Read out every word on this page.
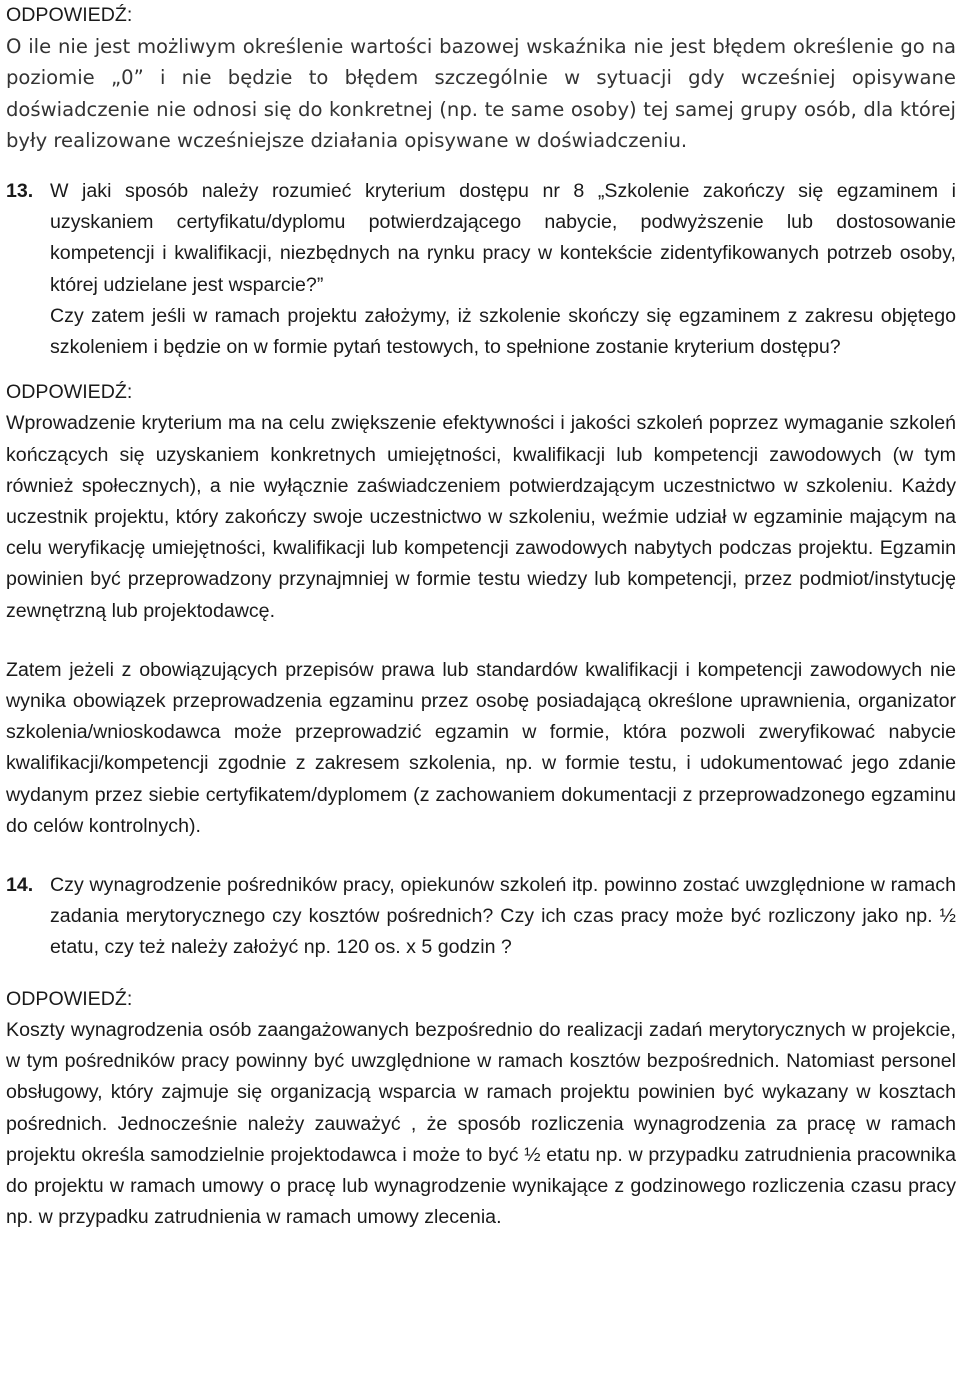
ODPOWIEDŹ:

O ile nie jest możliwym określenie wartości bazowej wskaźnika nie jest błędem określenie go na poziomie „0” i nie będzie to błędem szczególnie w sytuacji gdy wcześniej opisywane doświadczenie nie odnosi się do konkretnej (np. te same osoby) tej samej grupy osób, dla której były realizowane wcześniejsze działania opisywane w doświadczeniu.

13. W jaki sposób należy rozumieć kryterium dostępu nr 8 „Szkolenie zakończy się egzaminem i uzyskaniem certyfikatu/dyplomu potwierdzającego nabycie, podwyższenie lub dostosowanie kompetencji i kwalifikacji, niezbędnych na rynku pracy w kontekście zidentyfikowanych potrzeb osoby, której udzielane jest wsparcie?”

Czy zatem jeśli w ramach projektu założymy, iż szkolenie skończy się egzaminem z zakresu objętego szkoleniem i będzie on w formie pytań testowych, to spełnione zostanie kryterium dostępu?

ODPOWIEDŹ:

Wprowadzenie kryterium ma na celu zwiększenie efektywności i jakości szkoleń poprzez wymaganie szkoleń kończących się uzyskaniem konkretnych umiejętności, kwalifikacji lub kompetencji zawodowych (w tym również społecznych), a nie wyłącznie zaświadczeniem potwierdzającym uczestnictwo w szkoleniu. Każdy uczestnik projektu, który zakończy swoje uczestnictwo w szkoleniu, weźmie udział w egzaminie mającym na celu weryfikację umiejętności, kwalifikacji lub kompetencji zawodowych nabytych podczas projektu. Egzamin powinien być przeprowadzony przynajmniej w formie testu wiedzy lub kompetencji, przez podmiot/instytucję zewnętrzną lub projektodawcę.

Zatem jeżeli z obowiązujących przepisów prawa lub standardów kwalifikacji i kompetencji zawodowych nie wynika obowiązek przeprowadzenia egzaminu przez osobę posiadającą określone uprawnienia, organizator szkolenia/wnioskodawca może przeprowadzić egzamin w formie, która pozwoli zweryfikować nabycie kwalifikacji/kompetencji zgodnie z zakresem szkolenia, np. w formie testu, i udokumentować jego zdanie wydanym przez siebie certyfikatem/dyplomem (z zachowaniem dokumentacji z przeprowadzonego egzaminu do celów kontrolnych).

14. Czy wynagrodzenie pośredników pracy, opiekunów szkoleń itp. powinno zostać uwzględnione w ramach zadania merytorycznego czy kosztów pośrednich? Czy ich czas pracy może być rozliczony jako np. ½ etatu, czy też należy założyć np. 120 os. x 5 godzin ?

ODPOWIEDŹ:

Koszty wynagrodzenia osób zaangażowanych bezpośrednio do realizacji zadań merytorycznych w projekcie, w tym pośredników pracy powinny być uwzględnione w ramach kosztów bezpośrednich. Natomiast personel obsługowy, który zajmuje się organizacją wsparcia w ramach projektu powinien być wykazany w kosztach pośrednich. Jednocześnie należy zauważyć , że sposób rozliczenia wynagrodzenia za pracę w ramach projektu określa samodzielnie projektodawca i może to być ½ etatu np. w przypadku zatrudnienia pracownika do projektu w ramach umowy o pracę lub wynagrodzenie wynikające z godzinowego rozliczenia czasu pracy np. w przypadku zatrudnienia w ramach umowy zlecenia.
